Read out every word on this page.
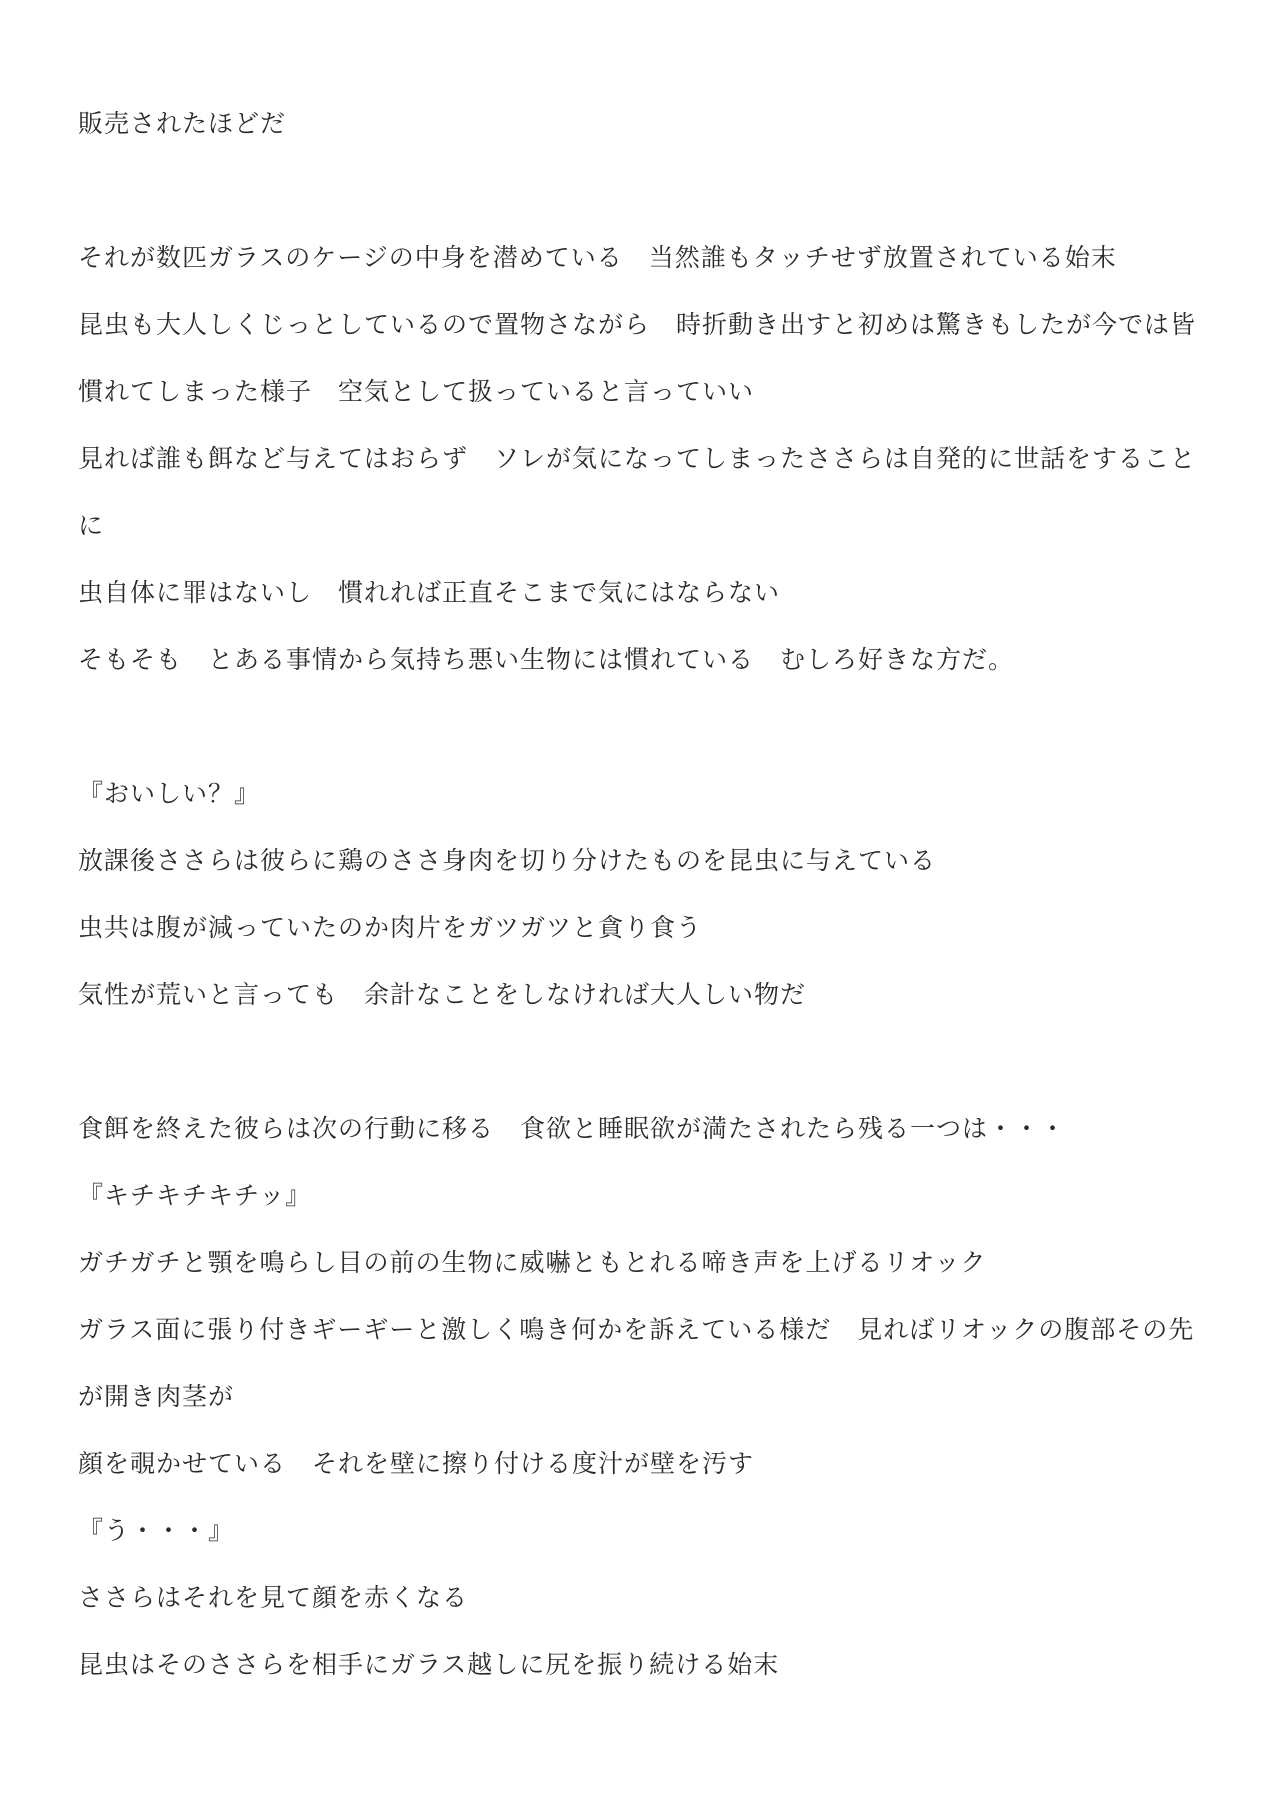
販売されたほどだ
それが数匹ガラスのケージの中身を潜めている　当然誰もタッチせず放置されている始末
昆虫も大人しくじっとしているので置物さながら　時折動き出すと初めは驚きもしたが今では皆
慣れてしまった様子　空気として扱っていると言っていい
見れば誰も餌など与えてはおらず　ソレが気になってしまったささらは自発的に世話をすること
に
虫自体に罪はないし　慣れれば正直そこまで気にはならない
そもそも　とある事情から気持ち悪い生物には慣れている　むしろ好きな方だ。
『おいしい？』
放課後ささらは彼らに鶏のささ身肉を切り分けたものを昆虫に与えている
虫共は腹が減っていたのか肉片をガツガツと貪り食う
気性が荒いと言っても　余計なことをしなければ大人しい物だ
食餌を終えた彼らは次の行動に移る　食欲と睡眠欲が満たされたら残る一つは・・・
『キチキチキチッ』
ガチガチと顎を鳴らし目の前の生物に威嚇ともとれる啼き声を上げるリオック
ガラス面に張り付きギーギーと激しく鳴き何かを訴えている様だ　見ればリオックの腹部その先
が開き肉茎が
顔を覗かせている　それを壁に擦り付ける度汁が壁を汚す
『う・・・』
ささらはそれを見て顔を赤くなる
昆虫はそのささらを相手にガラス越しに尻を振り続ける始末
